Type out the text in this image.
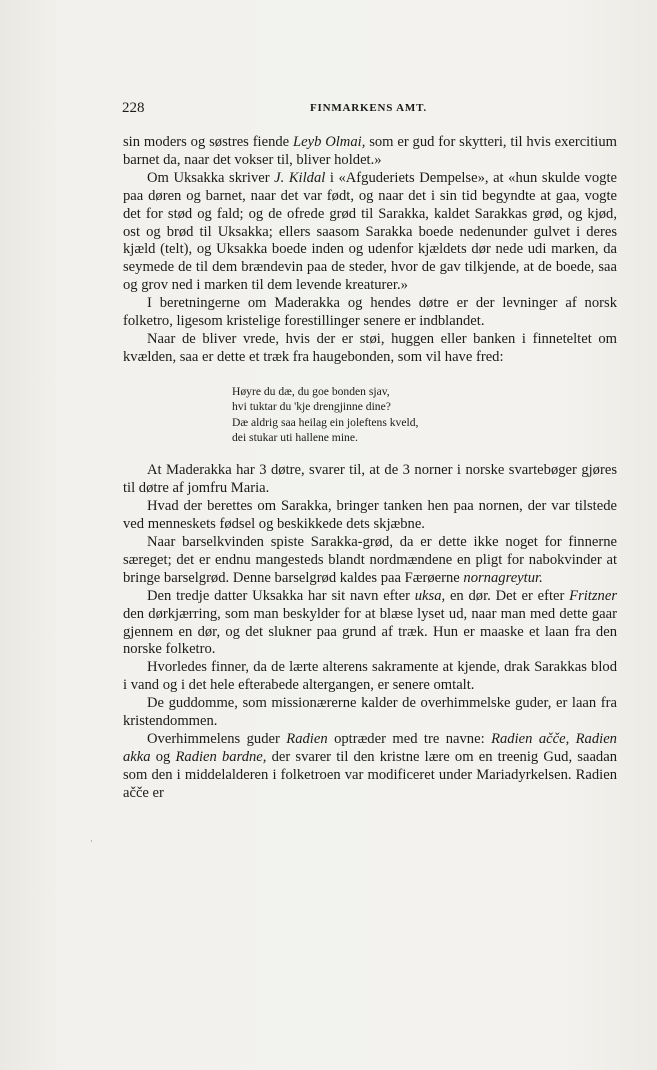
228	FINMARKENS AMT.

sin moders og søstres fiende Leyb Olmai, som er gud for skytteri, til hvis exercitium barnet da, naar det vokser til, bliver holdet.»

Om Uksakka skriver J. Kildal i «Afguderiets Dempelse», at «hun skulde vogte paa døren og barnet, naar det var født, og naar det i sin tid begyndte at gaa, vogte det for stød og fald; og de ofrede grød til Sarakka, kaldet Sarakkas grød, og kjød, ost og brød til Uksakka; ellers saasom Sarakka boede nedenunder gulvet i deres kjæld (telt), og Uksakka boede inden og udenfor kjældets dør nede udi marken, da seymede de til dem brændevin paa de steder, hvor de gav tilkjende, at de boede, saa og grov ned i marken til dem levende kreaturer.»

I beretningerne om Maderakka og hendes døtre er der levninger af norsk folketro, ligesom kristelige forestillinger senere er indblandet.

Naar de bliver vrede, hvis der er støi, huggen eller banken i finneteltet om kvælden, saa er dette et træk fra haugebonden, som vil have fred:

Høyre du dæ, du goe bonden sjav,
hvi tuktar du 'kje drengjinne dine?
Dæ aldrig saa heilag ein joleftens kveld,
dei stukar uti hallene mine.

At Maderakka har 3 døtre, svarer til, at de 3 norner i norske svartebøger gjøres til døtre af jomfru Maria.

Hvad der berettes om Sarakka, bringer tanken hen paa nornen, der var tilstede ved menneskets fødsel og beskikkede dets skjæbne.

Naar barselkvinden spiste Sarakka-grød, da er dette ikke noget for finnerne særeget; det er endnu mangesteds blandt nordmændene en pligt for nabokvinder at bringe barselgrød. Denne barselgrød kaldes paa Færøerne nornagreytur.

Den tredje datter Uksakka har sit navn efter uksa, en dør. Det er efter Fritzner den dørkjærring, som man beskylder for at blæse lyset ud, naar man med dette gaar gjennem en dør, og det slukner paa grund af træk. Hun er maaske et laan fra den norske folketro.

Hvorledes finner, da de lærte alterens sakramente at kjende, drak Sarakkas blod i vand og i det hele efterabede altergangen, er senere omtalt.

De guddomme, som missionærerne kalder de overhimmelske guder, er laan fra kristendommen.

Overhimmelens guder Radien optræder med tre navne: Radien ačče, Radien akka og Radien bardne, der svarer til den kristne lære om en treenig Gud, saadan som den i middelalderen i folketroen var modificeret under Mariadyrkelsen. Radien ačče er

·
